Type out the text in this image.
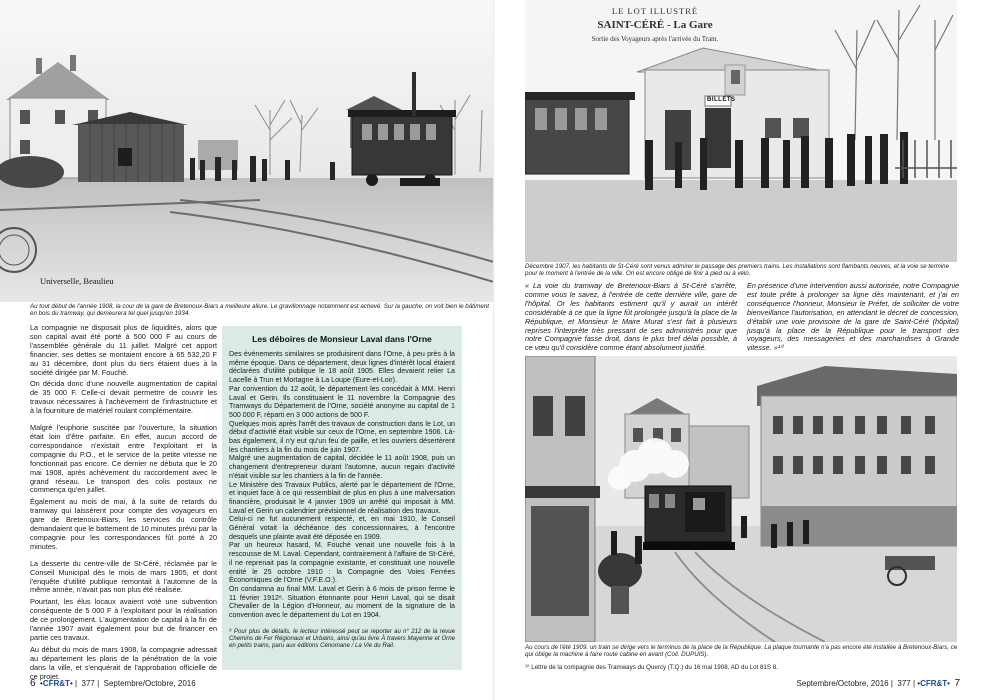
Universelle, Beaulieu
Au tout début de l'année 1908, la cour de la gare de Bretenoux-Biars a meilleure allure. Le gravillonnage notamment est achevé. Sur la gauche, on voit bien le bâtiment en bois du tramway, qui demeurera tel quel jusqu'en 1934.

La compagnie ne disposait plus de liquidités, alors que son capital avait été porté à 500 000 F au cours de l'assemblée générale du 11 juillet. Malgré cet apport financier, ses dettes se montaient encore à 65 532,20 F au 31 décembre, dont plus du tiers étaient dues à la société dirigée par M. Fouché.

On décida donc d'une nouvelle augmentation de capital de 35 000 F. Celle-ci devait permettre de couvrir les travaux nécessaires à l'achèvement de l'infrastructure et à la fourniture de matériel roulant complémentaire.

Malgré l'euphorie suscitée par l'ouverture, la situation était loin d'être parfaite. En effet, aucun accord de correspondance n'existait entre l'exploitant et la compagnie du P.O., et le service de la petite vitesse ne fonctionnait pas encore. Ce dernier ne débuta que le 20 mai 1908, après achèvement du raccordement avec le grand réseau. Le transport des colis postaux ne commença qu'en juillet.

Également au mois de mai, à la suite de retards du tramway qui laissèrent pour compte des voyageurs en gare de Bretenoux-Biars, les services du contrôle demandaient que le battement de 10 minutes prévu par la compagnie pour les correspondances fût porté à 20 minutes.

La desserte du centre-ville de St-Céré, réclamée par le Conseil Municipal dès le mois de mars 1905, et dont l'enquête d'utilité publique remontait à l'automne de la même année, n'avait pas non plus été réalisée.

Pourtant, les élus locaux avaient voté une subvention conséquente de 5 000 F à l'exploitant pour la réalisation de ce prolongement. L'augmentation de capital à la fin de l'année 1907 avait également pour but de financer en partie ces travaux.

Au début du mois de mars 1908, la compagnie adressait au département les plans de la pénétration de la voie dans la ville, et s'enquérait de l'approbation officielle de ce projet.

Les déboires de Monsieur Laval dans l'Orne

Des événements similaires se produisirent dans l'Orne, à peu près à la même époque. Dans ce département, deux lignes d'intérêt local étaient déclarées d'utilité publique le 18 août 1905. Elles devaient relier La Lacelle à Trun et Mortagne à La Loupe (Eure-et-Loir).

Par convention du 12 août, le département les concédait à MM. Henri Laval et Gerin. Ils constituaient le 11 novembre la Compagnie des Tramways du Département de l'Orne, société anonyme au capital de 1 500 000 F, réparti en 3 000 actions de 500 F.

Quelques mois après l'arrêt des travaux de construction dans le Lot, un début d'activité était visible sur ceux de l'Orne, en septembre 1906. Là-bas également, il n'y eut qu'un feu de paille, et les ouvriers désertèrent les chantiers à la fin du mois de juin 1907.

Malgré une augmentation de capital, décidée le 11 août 1908, puis un changement d'entrepreneur durant l'automne, aucun regain d'activité n'était visible sur les chantiers à la fin de l'année.

Le Ministère des Travaux Publics, alerté par le département de l'Orne, et inquiet face à ce qui ressemblait de plus en plus à une malversation financière, produisait le 4 janvier 1909 un arrêté qui imposait à MM. Laval et Gerin un calendrier prévisionnel de réalisation des travaux.

Celui-ci ne fut aucunement respecté, et, en mai 1910, le Conseil Général votait la déchéance des concessionnaires, à l'encontre desquels une plainte avait été déposée en 1909.

Par un heureux hasard, M. Fouché venait une nouvelle fois à la rescousse de M. Laval. Cependant, contrairement à l'affaire de St-Céré, il ne reprenait pas la compagnie existante, et constituait une nouvelle entité le 25 octobre 1910 : la Compagnie des Voies Ferrées Économiques de l'Orne (V.F.E.O.).

On condamna au final MM. Laval et Gerin à 6 mois de prison ferme le 11 février 1912⁸. Situation étonnante pour Henri Laval, qui se disait Chevalier de la Légion d'Honneur, au moment de la signature de la convention avec le département du Lot en 1904.

⁸ Pour plus de détails, le lecteur intéressé peut se reporter au n° 212 de la revue Chemins de Fer Régionaux et Urbains, ainsi qu'au livre À travers Mayenne et Orne en petits trains, paru aux éditions Cénomane / La Vie du Rail.
6  •CFR&T• |  377 |  Septembre/Octobre, 2016
LE LOT ILLUSTRÉ
SAINT-CÉRÉ - La Gare
Sortie des Voyageurs après l'arrivée du Tram.
BILLETS
Décembre 1907, les habitants de St-Céré sont venus admirer le passage des premiers trains. Les installations sont flambants neuves, et la voie se termine pour le moment à l'entrée de la ville. On est encore obligé de finir à pied ou à vélo.
« La voie du tramway de Bretenoux-Biars à St-Céré s'arrête, comme vous le savez, à l'entrée de cette dernière ville, gare de l'hôpital. Or les habitants estiment qu'il y aurait un intérêt considérable à ce que la ligne fût prolongée jusqu'à la place de la République, et Monsieur le Maire Murat s'est fait à plusieurs reprises l'interprète très pressant de ses administrés pour que notre Compagnie fasse droit, dans le plus bref délai possible, à ce vœu qu'il considère comme étant absolument justifié.
En présence d'une intervention aussi autorisée, notre Compagnie est toute prête à prolonger sa ligne dès maintenant, et j'ai en conséquence l'honneur, Monsieur le Préfet, de solliciter de votre bienveillance l'autorisation, en attendant le décret de concession, d'établir une voie provisoire de la gare de Saint-Céré (hôpital) jusqu'à la place de la République pour le transport des voyageurs, des messageries et des marchandises à Grande vitesse. »¹⁰
Au cours de l'été 1909, un train se dirige vers le terminus de la place de la République. La plaque tournante n'a pas encore été installée à Bretenoux-Biars, ce qui oblige la machine à faire route cabine en avant (Coll. DUPUIS).
¹⁰ Lettre de la compagnie des Tramways du Quercy (T.Q.) du 16 mai 1908, AD du Lot 81S 8.
Septembre/Octobre, 2016 |  377 | •CFR&T•  7
